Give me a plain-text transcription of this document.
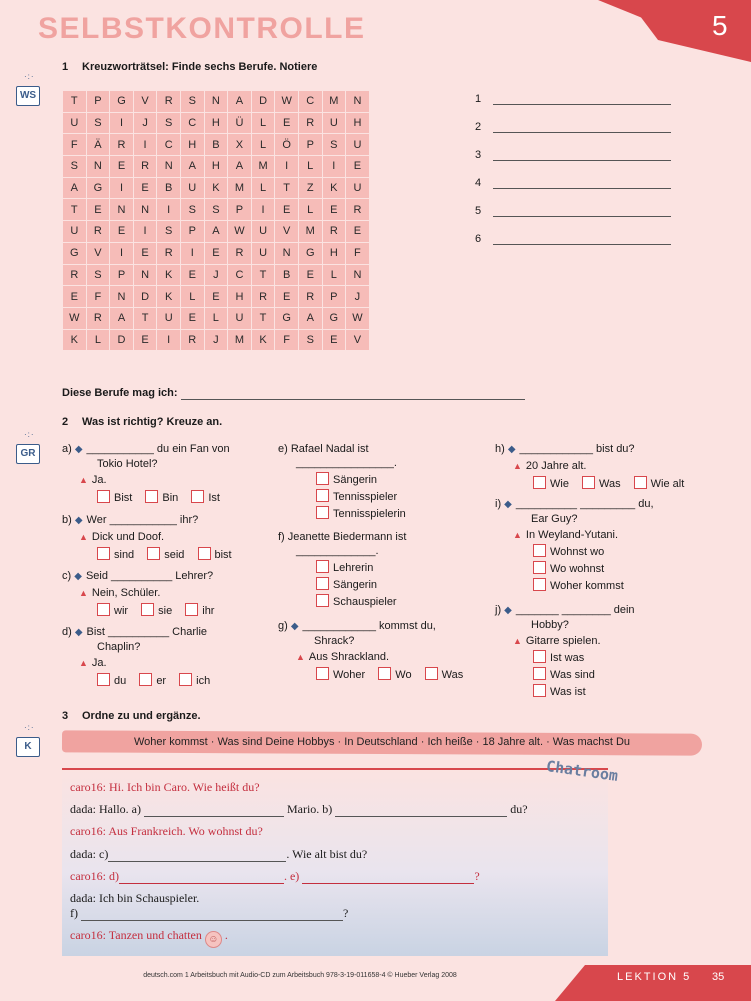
SELBSTKONTROLLE	5
·:·
WS
1 Kreuzworträtsel: Finde sechs Berufe. Notiere
T	P	G	V	R	S	N	A	D	W	C	M	N
U	S	I	J	S	C	H	Ü	L	E	R	U	H
F	Ä	R	I	C	H	B	X	L	Ö	P	S	U
S	N	E	R	N	A	H	A	M	I	L	I	E
A	G	I	E	B	U	K	M	L	T	Z	K	U
T	E	N	N	I	S	S	P	I	E	L	E	R
U	R	E	I	S	P	A	W	U	V	M	R	E
G	V	I	E	R	I	E	R	U	N	G	H	F
R	S	P	N	K	E	J	C	T	B	E	L	N
E	F	N	D	K	L	E	H	R	E	R	P	J
W	R	A	T	U	E	L	U	T	G	A	G	W
K	L	D	E	I	R	J	M	K	F	S	E	V
1
2
3
4
5
6
Diese Berufe mag ich:
·:·
GR
2 Was ist richtig? Kreuze an.
a) ◆ ___________ du ein Fan von
Tokio Hotel?
▲ Ja.
Bist	Bin	Ist
b) ◆ Wer ___________ ihr?
▲ Dick und Doof.
sind	seid	bist
c) ◆ Seid __________ Lehrer?
▲ Nein, Schüler.
wir	sie	ihr
d) ◆ Bist __________ Charlie
Chaplin?
▲ Ja.
du	er	ich
e) Rafael Nadal ist
________________.
Sängerin
Tennisspieler
Tennisspielerin
f) Jeanette Biedermann ist
_____________.
Lehrerin
Sängerin
Schauspieler
g) ◆ ____________ kommst du,
Shrack?
▲ Aus Shrackland.
Woher	Wo	Was
h) ◆ ____________ bist du?
▲ 20 Jahre alt.
Wie	Was	Wie alt
i) ◆ __________ _________ du,
Ear Guy?
▲ In Weyland-Yutani.
Wohnst wo
Wo wohnst
Woher kommst
j) ◆ _______ ________ dein
Hobby?
▲ Gitarre spielen.
Ist was
Was sind
Was ist
·:·
K
3 Ordne zu und ergänze.
Woher kommst · Was sind Deine Hobbys · In Deutschland · Ich heiße · 18 Jahre alt. · Was machst Du
Chatroom
caro16: Hi. Ich bin Caro. Wie heißt du?
dada: Hallo. a)	Mario. b)	du?
caro16: Aus Frankreich. Wo wohnst du?
dada: c)	. Wie alt bist du?
caro16: d)	. e)	?
dada: Ich bin Schauspieler.
f)	?
caro16: Tanzen und chatten ☺ .
deutsch.com 1 Arbeitsbuch mit Audio-CD zum Arbeitsbuch 978-3-19-011658-4 © Hueber Verlag 2008	LEKTION 5 35
